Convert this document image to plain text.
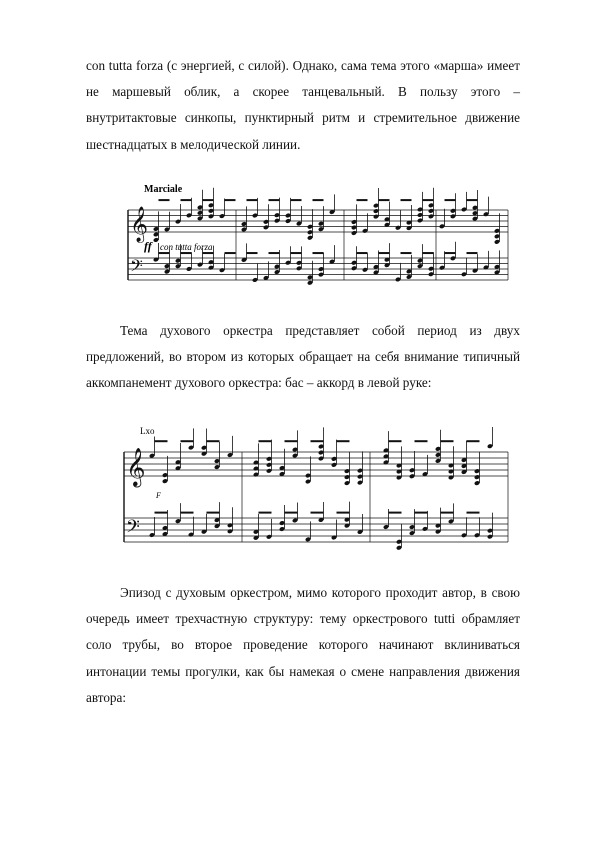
con tutta forza (с энергией, с силой). Однако, сама тема этого «марша» имеет не маршевый облик, а скорее танцевальный. В пользу этого – внутритактовые синкопы, пунктирный ритм и стремительное движение шестнадцатых в мелодической линии.

Marciale
ff con tutta forza
𝄞
𝄢

Тема духового оркестра представляет собой период из двух предложений, во втором из которых обращает на себя внимание типичный аккомпанемент духового оркестра: бас – аккорд в левой руке:

Lxo
F
𝄞
𝄢

Эпизод с духовым оркестром, мимо которого проходит автор, в свою очередь имеет трехчастную структуру: тему оркестрового tutti обрамляет соло трубы, во второе проведение которого начинают вклиниваться интонации темы прогулки, как бы намекая о смене направления движения автора:
